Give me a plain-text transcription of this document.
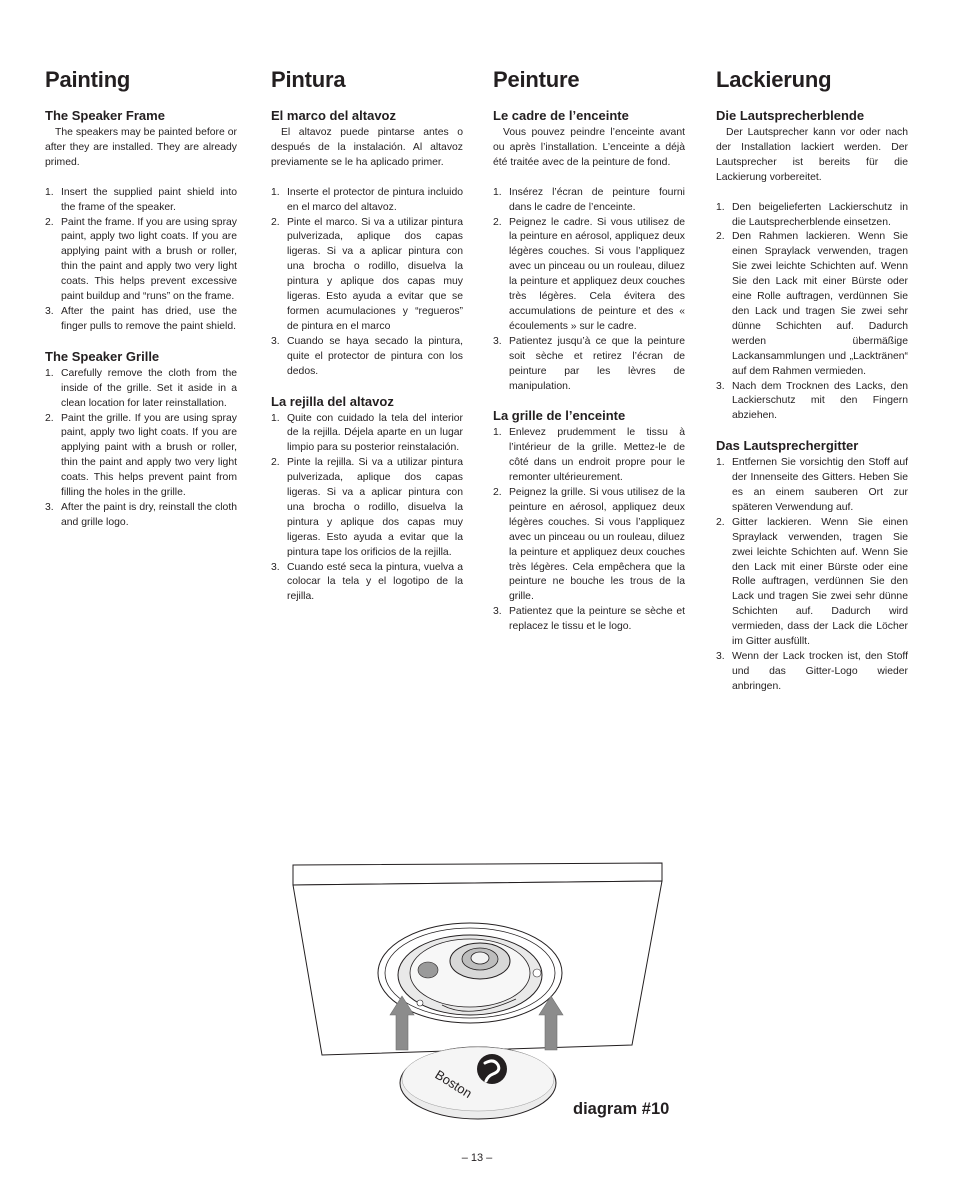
Painting
The Speaker Frame

The speakers may be painted before or after they are installed. They are already primed.

1. Insert the supplied paint shield into the frame of the speaker.
2. Paint the frame. If you are using spray paint, apply two light coats. If you are applying paint with a brush or roller, thin the paint and apply two very light coats. This helps prevent excessive paint buildup and “runs” on the frame.
3. After the paint has dried, use the finger pulls to remove the paint shield.
The Speaker Grille
1. Carefully remove the cloth from the inside of the grille. Set it aside in a clean location for later reinstallation.
2. Paint the grille. If you are using spray paint, apply two light coats. If you are applying paint with a brush or roller, thin the paint and apply two very light coats. This helps prevent paint from filling the holes in the grille.
3. After the paint is dry, reinstall the cloth and grille logo.
Pintura
El marco del altavoz

El altavoz puede pintarse antes o después de la instalación. Al altavoz previamente se le ha aplicado primer.

1. Inserte el protector de pintura incluido en el marco del altavoz.
2. Pinte el marco. Si va a utilizar pintura pulverizada, aplique dos capas ligeras. Si va a aplicar pintura con una brocha o rodillo, disuelva la pintura y aplique dos capas muy ligeras. Esto ayuda a evitar que se formen acumulaciones y “regueros” de pintura en el marco
3. Cuando se haya secado la pintura, quite el protector de pintura con los dedos.
La rejilla del altavoz
1. Quite con cuidado la tela del interior de la rejilla. Déjela aparte en un lugar limpio para su posterior reinstalación.
2. Pinte la rejilla. Si va a utilizar pintura pulverizada, aplique dos capas ligeras. Si va a aplicar pintura con una brocha o rodillo, disuelva la pintura y aplique dos capas muy ligeras. Esto ayuda a evitar que la pintura tape los orificios de la rejilla.
3. Cuando esté seca la pintura, vuelva a colocar la tela y el logotipo de la rejilla.
Peinture
Le cadre de l’enceinte

Vous pouvez peindre l’enceinte avant ou après l’installation. L’enceinte a déjà été traitée avec de la peinture de fond.

1. Insérez l’écran de peinture fourni dans le cadre de l’enceinte.
2. Peignez le cadre. Si vous utilisez de la peinture en aérosol, appliquez deux légères couches. Si vous l’appliquez avec un pinceau ou un rouleau, diluez la peinture et appliquez deux couches très légères. Cela évitera des accumulations de peinture et des « écoulements » sur le cadre.
3. Patientez jusqu’à ce que la peinture soit sèche et retirez l’écran de peinture par les lèvres de manipulation.
La grille de l’enceinte
1. Enlevez prudemment le tissu à l’intérieur de la grille. Mettez-le de côté dans un endroit propre pour le remonter ultérieurement.
2. Peignez la grille. Si vous utilisez de la peinture en aérosol, appliquez deux légères couches. Si vous l’appliquez avec un pinceau ou un rouleau, diluez la peinture et appliquez deux couches très légères. Cela empêchera que la peinture ne bouche les trous de la grille.
3. Patientez que la peinture se sèche et replacez le tissu et le logo.
Lackierung
Die Lautsprecherblende

Der Lautsprecher kann vor oder nach der Installation lackiert werden. Der Lautsprecher ist bereits für die Lackierung vorbereitet.

1. Den beigelieferten Lackierschutz in die Lautsprecherblende einsetzen.
2. Den Rahmen lackieren. Wenn Sie einen Spraylack verwenden, tragen Sie zwei leichte Schichten auf. Wenn Sie den Lack mit einer Bürste oder eine Rolle auftragen, verdünnen Sie den Lack und tragen Sie zwei sehr dünne Schichten auf. Dadurch werden übermäßige Lackansammlungen und „Lacktränen“ auf dem Rahmen vermieden.
3. Nach dem Trocknen des Lacks, den Lackierschutz mit den Fingern abziehen.
Das Lautsprechergitter
1. Entfernen Sie vorsichtig den Stoff auf der Innenseite des Gitters. Heben Sie es an einem sauberen Ort zur späteren Verwendung auf.
2. Gitter lackieren. Wenn Sie einen Spraylack verwenden, tragen Sie zwei leichte Schichten auf. Wenn Sie den Lack mit einer Bürste oder eine Rolle auftragen, verdünnen Sie den Lack und tragen Sie zwei sehr dünne Schichten auf. Dadurch wird vermieden, dass der Lack die Löcher im Gitter ausfüllt.
3. Wenn der Lack trocken ist, den Stoff und das Gitter-Logo wieder anbringen.
Boston
diagram #10
– 13 –
